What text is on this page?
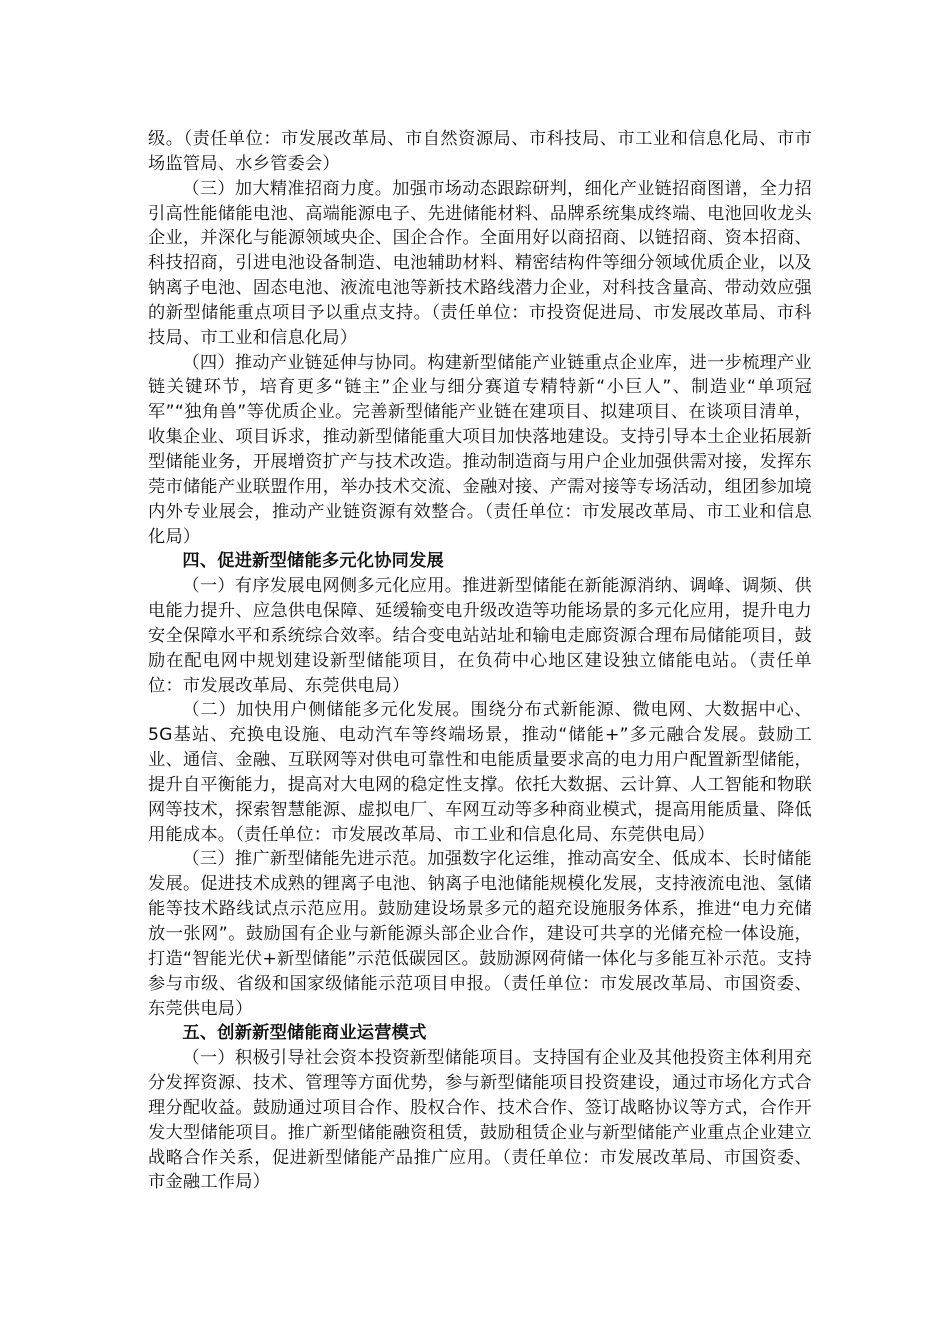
级。（责任单位：市发展改革局、市自然资源局、市科技局、市工业和信息化局、市市场监管局、水乡管委会）

（三）加大精准招商力度。加强市场动态跟踪研判，细化产业链招商图谱，全力招引高性能储能电池、高端能源电子、先进储能材料、品牌系统集成终端、电池回收龙头企业，并深化与能源领域央企、国企合作。全面用好以商招商、以链招商、资本招商、科技招商，引进电池设备制造、电池辅助材料、精密结构件等细分领域优质企业，以及钠离子电池、固态电池、液流电池等新技术路线潜力企业，对科技含量高、带动效应强的新型储能重点项目予以重点支持。（责任单位：市投资促进局、市发展改革局、市科技局、市工业和信息化局）

（四）推动产业链延伸与协同。构建新型储能产业链重点企业库，进一步梳理产业链关键环节，培育更多“链主”企业与细分赛道专精特新“小巨人”、制造业“单项冠军”“独角兽”等优质企业。完善新型储能产业链在建项目、拟建项目、在谈项目清单，收集企业、项目诉求，推动新型储能重大项目加快落地建设。支持引导本土企业拓展新型储能业务，开展增资扩产与技术改造。推动制造商与用户企业加强供需对接，发挥东莞市储能产业联盟作用，举办技术交流、金融对接、产需对接等专场活动，组团参加境内外专业展会，推动产业链资源有效整合。（责任单位：市发展改革局、市工业和信息化局）

四、促进新型储能多元化协同发展

（一）有序发展电网侧多元化应用。推进新型储能在新能源消纳、调峰、调频、供电能力提升、应急供电保障、延缓输变电升级改造等功能场景的多元化应用，提升电力安全保障水平和系统综合效率。结合变电站站址和输电走廊资源合理布局储能项目，鼓励在配电网中规划建设新型储能项目，在负荷中心地区建设独立储能电站。（责任单位：市发展改革局、东莞供电局）

（二）加快用户侧储能多元化发展。围绕分布式新能源、微电网、大数据中心、5G基站、充换电设施、电动汽车等终端场景，推动“储能+”多元融合发展。鼓励工业、通信、金融、互联网等对供电可靠性和电能质量要求高的电力用户配置新型储能，提升自平衡能力，提高对大电网的稳定性支撑。依托大数据、云计算、人工智能和物联网等技术，探索智慧能源、虚拟电厂、车网互动等多种商业模式，提高用能质量、降低用能成本。（责任单位：市发展改革局、市工业和信息化局、东莞供电局）

（三）推广新型储能先进示范。加强数字化运维，推动高安全、低成本、长时储能发展。促进技术成熟的锂离子电池、钠离子电池储能规模化发展，支持液流电池、氢储能等技术路线试点示范应用。鼓励建设场景多元的超充设施服务体系，推进“电力充储放一张网”。鼓励国有企业与新能源头部企业合作，建设可共享的光储充检一体设施，打造“智能光伏+新型储能”示范低碳园区。鼓励源网荷储一体化与多能互补示范。支持参与市级、省级和国家级储能示范项目申报。（责任单位：市发展改革局、市国资委、东莞供电局）

五、创新新型储能商业运营模式

（一）积极引导社会资本投资新型储能项目。支持国有企业及其他投资主体利用充分发挥资源、技术、管理等方面优势，参与新型储能项目投资建设，通过市场化方式合理分配收益。鼓励通过项目合作、股权合作、技术合作、签订战略协议等方式，合作开发大型储能项目。推广新型储能融资租赁，鼓励租赁企业与新型储能产业重点企业建立战略合作关系，促进新型储能产品推广应用。（责任单位：市发展改革局、市国资委、市金融工作局）
